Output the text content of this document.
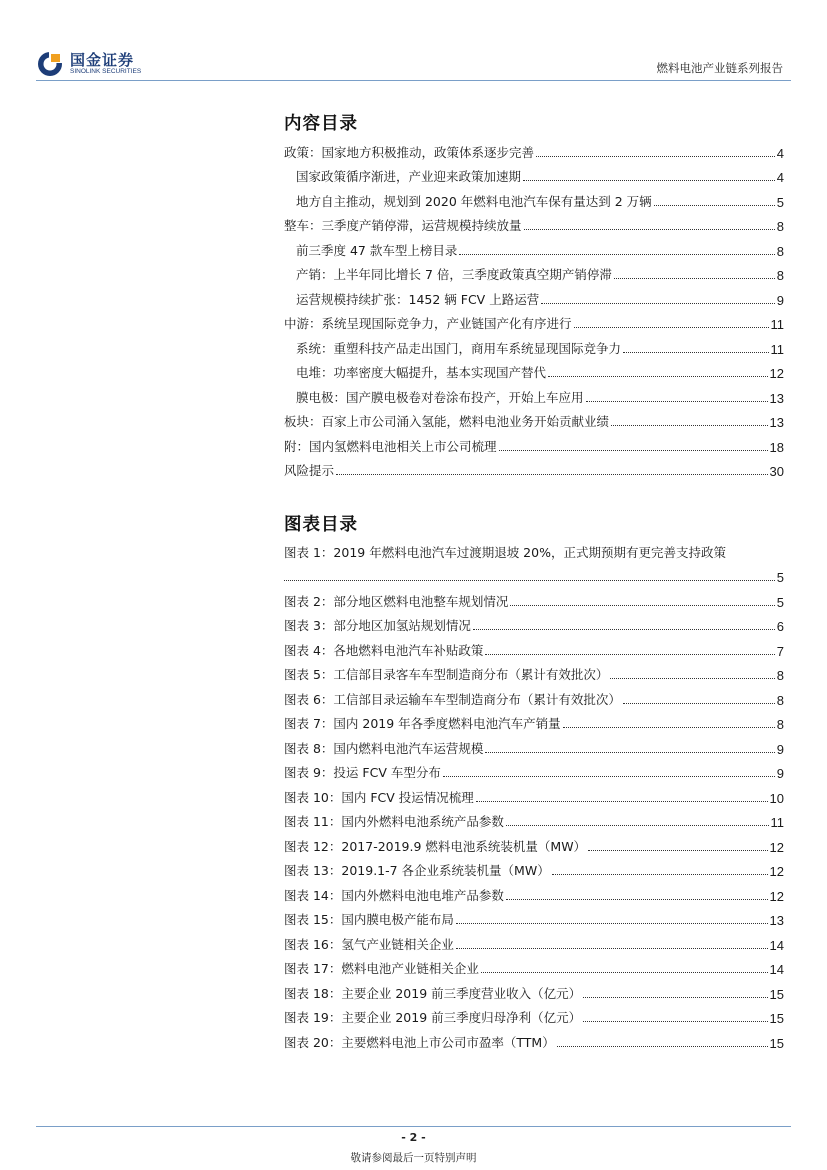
国金证券
SINOLINK SECURITIES	燃料电池产业链系列报告
内容目录
政策：国家地方积极推动，政策体系逐步完善	4
国家政策循序渐进，产业迎来政策加速期	4
地方自主推动，规划到 2020 年燃料电池汽车保有量达到 2 万辆	5
整车：三季度产销停滞，运营规模持续放量	8
前三季度 47 款车型上榜目录	8
产销：上半年同比增长 7 倍，三季度政策真空期产销停滞	8
运营规模持续扩张：1452 辆 FCV 上路运营	9
中游：系统呈现国际竞争力，产业链国产化有序进行	11
系统：重塑科技产品走出国门，商用车系统显现国际竞争力	11
电堆：功率密度大幅提升，基本实现国产替代	12
膜电极：国产膜电极卷对卷涂布投产，开始上车应用	13
板块：百家上市公司涌入氢能，燃料电池业务开始贡献业绩	13
附：国内氢燃料电池相关上市公司梳理	18
风险提示	30
图表目录
图表 1：2019 年燃料电池汽车过渡期退坡 20%，正式期预期有更完善支持政策
5
图表 2：部分地区燃料电池整车规划情况	5
图表 3：部分地区加氢站规划情况	6
图表 4：各地燃料电池汽车补贴政策	7
图表 5：工信部目录客车车型制造商分布（累计有效批次）	8
图表 6：工信部目录运输车车型制造商分布（累计有效批次）	8
图表 7：国内 2019 年各季度燃料电池汽车产销量	8
图表 8：国内燃料电池汽车运营规模	9
图表 9：投运 FCV 车型分布	9
图表 10：国内 FCV 投运情况梳理	10
图表 11：国内外燃料电池系统产品参数	11
图表 12：2017-2019.9 燃料电池系统装机量（MW）	12
图表 13：2019.1-7 各企业系统装机量（MW）	12
图表 14：国内外燃料电池电堆产品参数	12
图表 15：国内膜电极产能布局	13
图表 16：氢气产业链相关企业	14
图表 17：燃料电池产业链相关企业	14
图表 18：主要企业 2019 前三季度营业收入（亿元）	15
图表 19：主要企业 2019 前三季度归母净利（亿元）	15
图表 20：主要燃料电池上市公司市盈率（TTM）	15
- 2 -
敬请参阅最后一页特别声明
